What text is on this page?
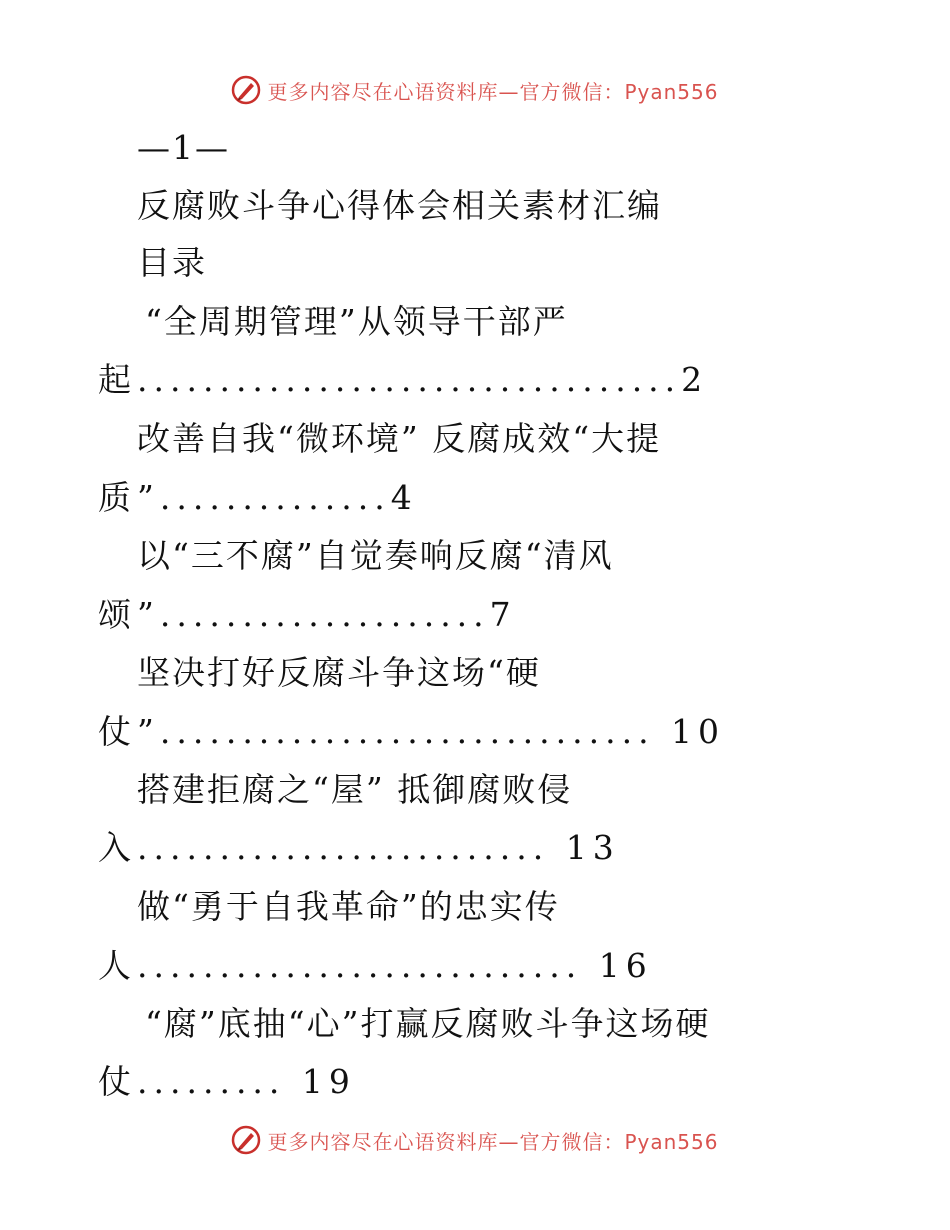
更多内容尽在心语资料库—官方微信：Pyan556
—1—
反腐败斗争心得体会相关素材汇编
目录
“全周期管理”从领导干部严
起.................................2
改善自我“微环境” 反腐成效“大提
质”..............4
以“三不腐”自觉奏响反腐“清风
颂”....................7
坚决打好反腐斗争这场“硬
仗”.............................. 10
搭建拒腐之“屋” 抵御腐败侵
入......................... 13
做“勇于自我革命”的忠实传
人........................... 16
“腐”底抽“心”打赢反腐败斗争这场硬
仗......... 19
更多内容尽在心语资料库—官方微信：Pyan556
